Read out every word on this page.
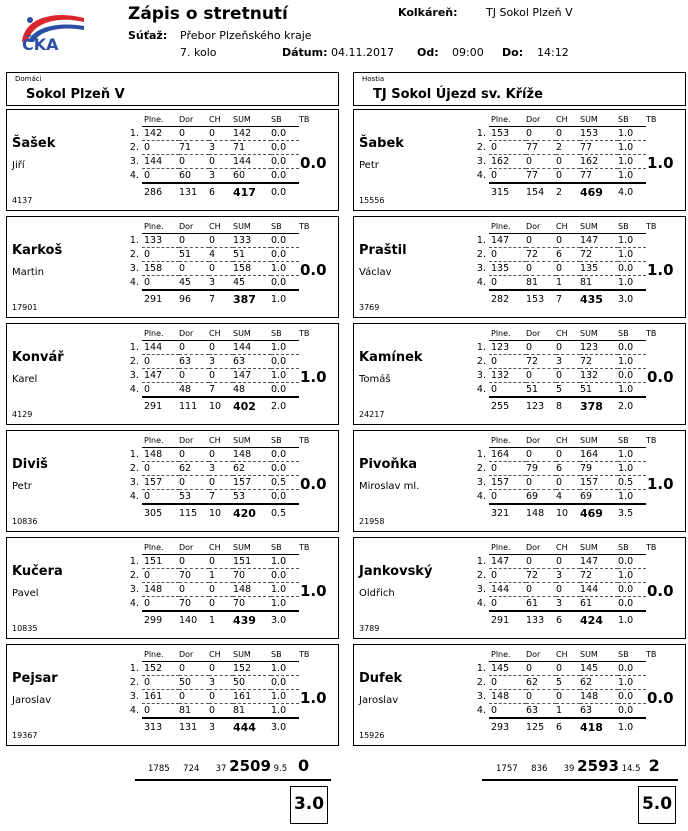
ČKA
Zápis o stretnutí	Kolkáreň:	TJ Sokol Plzeň V
Súťaž: Přebor Plzeňského kraje
7. kolo	Dátum: 04.11.2017 Od: 09:00 Do: 14:12
Domáci
Sokol Plzeň V
Hostia
TJ Sokol Újezd sv. Kříže
Šašek
Jiří
4137
0.0
	Plne.	Dor	CH	SUM	SB	TB
1.	142	0	0	142	0.0	
2.	0	71	3	71	0.0	
3.	144	0	0	144	0.0	
4.	0	60	3	60	0.0	
	286	131	6	417	0.0	
Karkoš
Martin
17901
0.0
	Plne.	Dor	CH	SUM	SB	TB
1.	133	0	0	133	0.0	
2.	0	51	4	51	0.0	
3.	158	0	0	158	1.0	
4.	0	45	3	45	0.0	
	291	96	7	387	1.0	
Konvář
Karel
4129
1.0
	Plne.	Dor	CH	SUM	SB	TB
1.	144	0	0	144	1.0	
2.	0	63	3	63	0.0	
3.	147	0	0	147	1.0	
4.	0	48	7	48	0.0	
	291	111	10	402	2.0	
Diviš
Petr
10836
0.0
	Plne.	Dor	CH	SUM	SB	TB
1.	148	0	0	148	0.0	
2.	0	62	3	62	0.0	
3.	157	0	0	157	0.5	
4.	0	53	7	53	0.0	
	305	115	10	420	0.5	
Kučera
Pavel
10835
1.0
	Plne.	Dor	CH	SUM	SB	TB
1.	151	0	0	151	1.0	
2.	0	70	1	70	0.0	
3.	148	0	0	148	1.0	
4.	0	70	0	70	1.0	
	299	140	1	439	3.0	
Pejsar
Jaroslav
19367
1.0
	Plne.	Dor	CH	SUM	SB	TB
1.	152	0	0	152	1.0	
2.	0	50	3	50	0.0	
3.	161	0	0	161	1.0	
4.	0	81	0	81	1.0	
	313	131	3	444	3.0	
Šabek
Petr
15556
1.0
	Plne.	Dor	CH	SUM	SB	TB
1.	153	0	0	153	1.0	
2.	0	77	2	77	1.0	
3.	162	0	0	162	1.0	
4.	0	77	0	77	1.0	
	315	154	2	469	4.0	
Praštil
Václav
3769
1.0
	Plne.	Dor	CH	SUM	SB	TB
1.	147	0	0	147	1.0	
2.	0	72	6	72	1.0	
3.	135	0	0	135	0.0	
4.	0	81	1	81	1.0	
	282	153	7	435	3.0	
Kamínek
Tomáš
24217
0.0
	Plne.	Dor	CH	SUM	SB	TB
1.	123	0	0	123	0.0	
2.	0	72	3	72	1.0	
3.	132	0	0	132	0.0	
4.	0	51	5	51	1.0	
	255	123	8	378	2.0	
Pivoňka
Miroslav ml.
21958
1.0
	Plne.	Dor	CH	SUM	SB	TB
1.	164	0	0	164	1.0	
2.	0	79	6	79	1.0	
3.	157	0	0	157	0.5	
4.	0	69	4	69	1.0	
	321	148	10	469	3.5	
Jankovský
Oldřich
3789
0.0
	Plne.	Dor	CH	SUM	SB	TB
1.	147	0	0	147	0.0	
2.	0	72	3	72	1.0	
3.	144	0	0	144	0.0	
4.	0	61	3	61	0.0	
	291	133	6	424	1.0	
Dufek
Jaroslav
15926
0.0
	Plne.	Dor	CH	SUM	SB	TB
1.	145	0	0	145	0.0	
2.	0	62	5	62	1.0	
3.	148	0	0	148	0.0	
4.	0	63	1	63	0.0	
	293	125	6	418	1.0	
1785 724 37 2509 9.5 0
3.0
1757 836 39 2593 14.5 2
5.0
